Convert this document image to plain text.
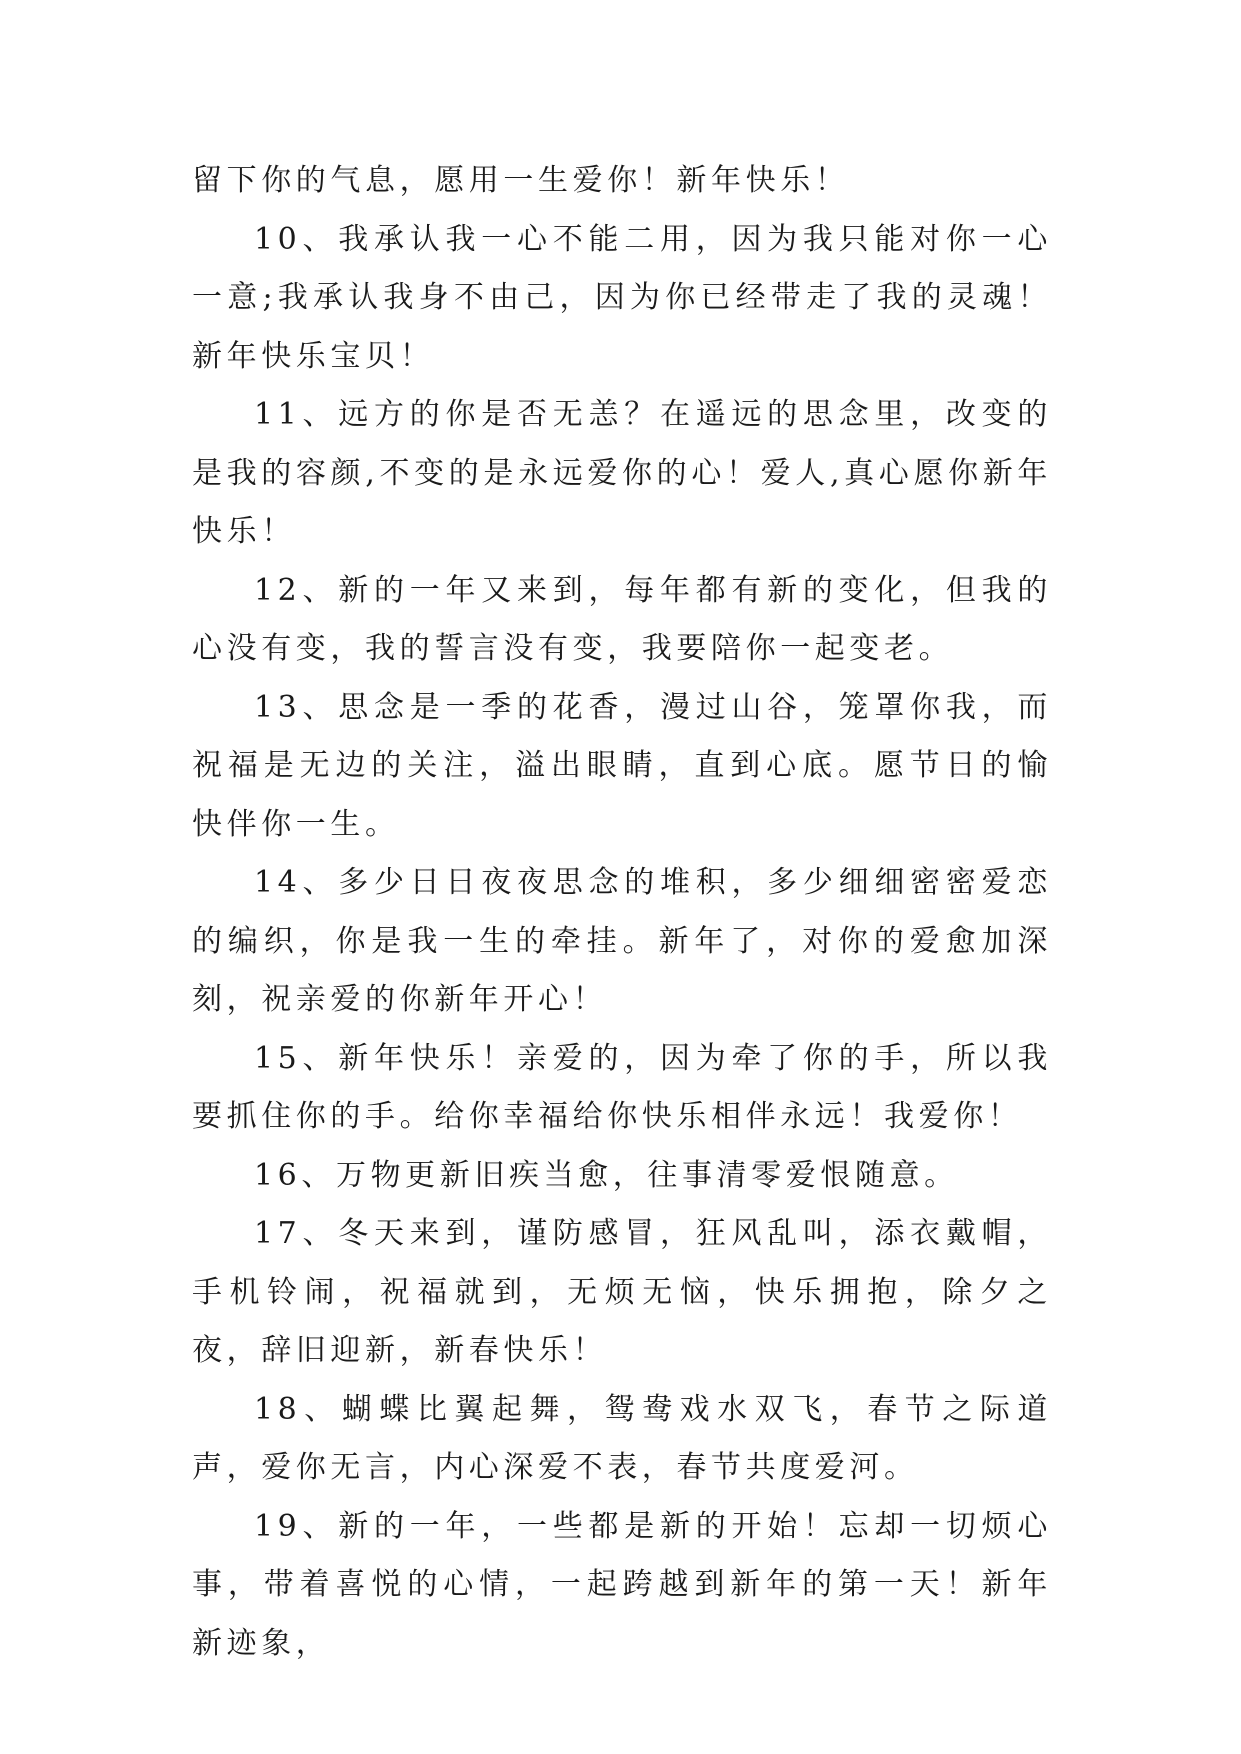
留下你的气息，愿用一生爱你！新年快乐！

10、我承认我一心不能二用，因为我只能对你一心一意;我承认我身不由己，因为你已经带走了我的灵魂！新年快乐宝贝！

11、远方的你是否无恙？在遥远的思念里，改变的是我的容颜,不变的是永远爱你的心！爱人,真心愿你新年快乐！

12、新的一年又来到，每年都有新的变化，但我的心没有变，我的誓言没有变，我要陪你一起变老。

13、思念是一季的花香，漫过山谷，笼罩你我，而祝福是无边的关注，溢出眼睛，直到心底。愿节日的愉快伴你一生。

14、多少日日夜夜思念的堆积，多少细细密密爱恋的编织，你是我一生的牵挂。新年了，对你的爱愈加深刻，祝亲爱的你新年开心！

15、新年快乐！亲爱的，因为牵了你的手，所以我要抓住你的手。给你幸福给你快乐相伴永远！我爱你！

16、万物更新旧疾当愈，往事清零爱恨随意。

17、冬天来到，谨防感冒，狂风乱叫，添衣戴帽，手机铃闹，祝福就到，无烦无恼，快乐拥抱，除夕之夜，辞旧迎新，新春快乐！

18、蝴蝶比翼起舞，鸳鸯戏水双飞，春节之际道声，爱你无言，内心深爱不表，春节共度爱河。

19、新的一年，一些都是新的开始！忘却一切烦心事，带着喜悦的心情，一起跨越到新年的第一天！新年新迹象，
